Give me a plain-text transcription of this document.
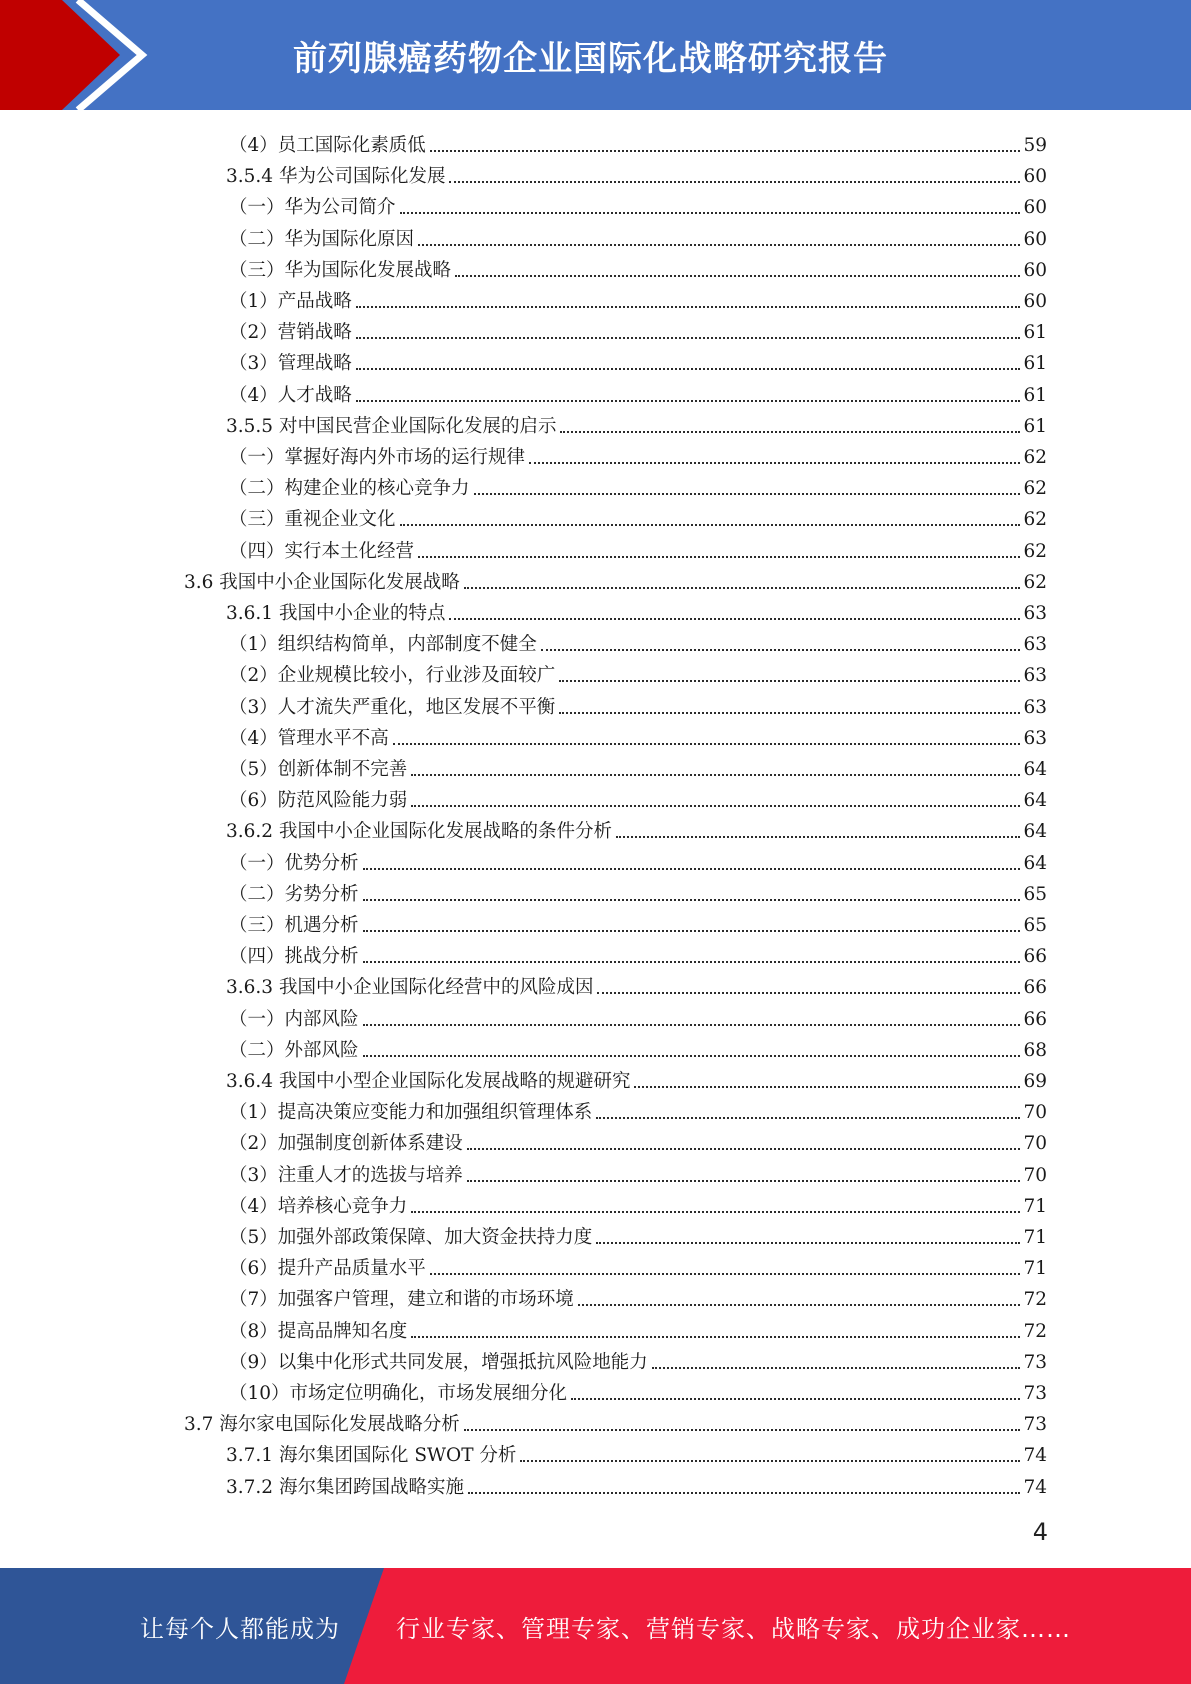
前列腺癌药物企业国际化战略研究报告
（4）员工国际化素质低	59
3.5.4 华为公司国际化发展	60
（一）华为公司简介	60
（二）华为国际化原因	60
（三）华为国际化发展战略	60
（1）产品战略	60
（2）营销战略	61
（3）管理战略	61
（4）人才战略	61
3.5.5 对中国民营企业国际化发展的启示	61
（一）掌握好海内外市场的运行规律	62
（二）构建企业的核心竞争力	62
（三）重视企业文化	62
（四）实行本土化经营	62
3.6 我国中小企业国际化发展战略	62
3.6.1 我国中小企业的特点	63
（1）组织结构简单，内部制度不健全	63
（2）企业规模比较小，行业涉及面较广	63
（3）人才流失严重化，地区发展不平衡	63
（4）管理水平不高	63
（5）创新体制不完善	64
（6）防范风险能力弱	64
3.6.2 我国中小企业国际化发展战略的条件分析	64
（一）优势分析	64
（二）劣势分析	65
（三）机遇分析	65
（四）挑战分析	66
3.6.3 我国中小企业国际化经营中的风险成因	66
（一）内部风险	66
（二）外部风险	68
3.6.4 我国中小型企业国际化发展战略的规避研究	69
（1）提高决策应变能力和加强组织管理体系	70
（2）加强制度创新体系建设	70
（3）注重人才的选拔与培养	70
（4）培养核心竞争力	71
（5）加强外部政策保障、加大资金扶持力度	71
（6）提升产品质量水平	71
（7）加强客户管理，建立和谐的市场环境	72
（8）提高品牌知名度	72
（9）以集中化形式共同发展，增强抵抗风险地能力	73
（10）市场定位明确化，市场发展细分化	73
3.7 海尔家电国际化发展战略分析	73
3.7.1 海尔集团国际化 SWOT 分析	74
3.7.2 海尔集团跨国战略实施	74
4
让每个人都能成为 行业专家、管理专家、营销专家、战略专家、成功企业家……
